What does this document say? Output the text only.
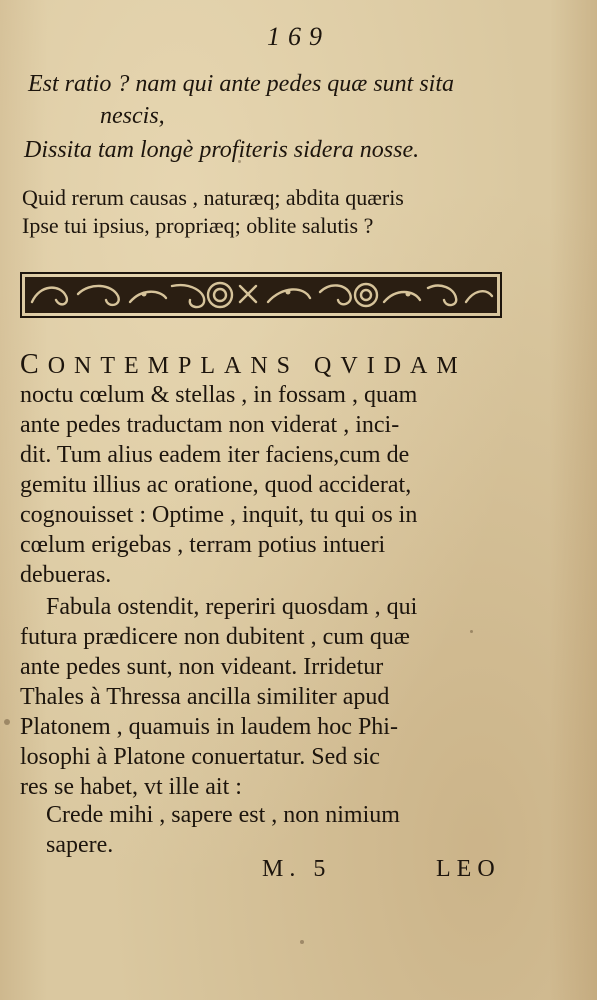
169
Est ratio ? nam qui ante pedes quæ sunt sita
nescis,
Dissita tam longè profiteris sidera nosse.
Quid rerum causas , naturæq; abdita quæris
Ipse tui ipsius, propriæq; oblite salutis ?
CONTEMPLANS QVIDAM
noctu cœlum & stellas , in fossam , quam
ante pedes traductam non viderat , inci-
dit. Tum alius eadem iter faciens,cum de
gemitu illius ac oratione, quod acciderat,
cognouisset : Optime , inquit, tu qui os in
cœlum erigebas , terram potius intueri
debueras.
Fabula ostendit, reperiri quosdam , qui
futura prædicere non dubitent , cum quæ
ante pedes sunt, non videant. Irridetur
Thales à Thressa ancilla similiter apud
Platonem , quamuis in laudem hoc Phi-
losophi à Platone conuertatur. Sed sic
res se habet, vt ille ait :
Crede mihi , sapere est , non nimium
sapere.
M. 5	LEO
